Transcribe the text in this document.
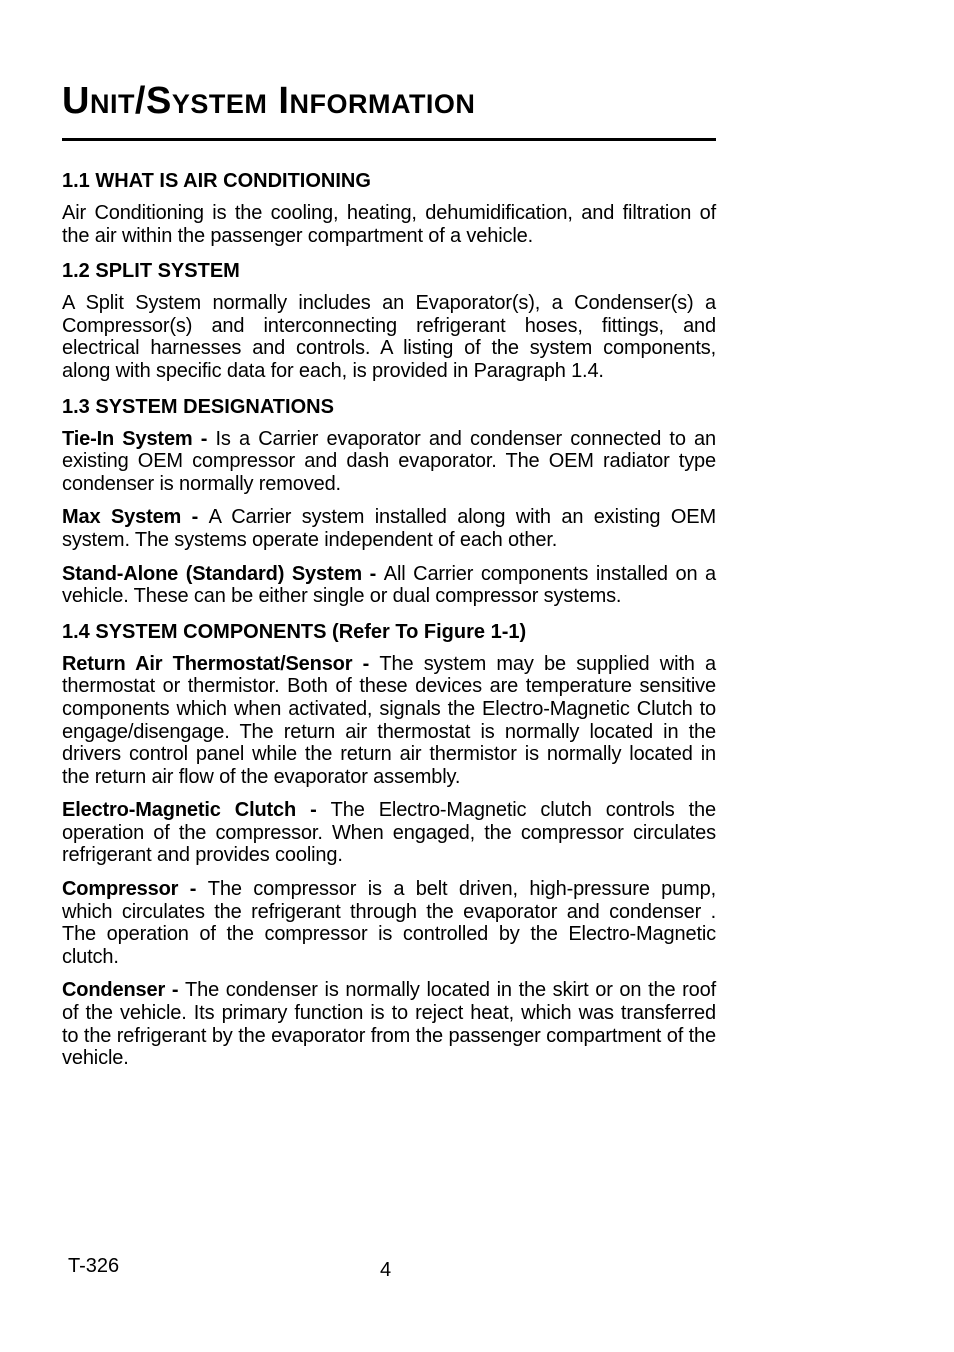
Unit/System Information
1.1 WHAT IS AIR CONDITIONING

Air Conditioning is the cooling, heating, dehumidification, and filtration of the air within the passenger compartment of a vehicle.

1.2 SPLIT SYSTEM

A Split System normally includes an Evaporator(s), a Condenser(s) a Compressor(s) and interconnecting refrigerant hoses, fittings, and electrical harnesses and controls. A listing of the system components, along with specific data for each, is provided in Paragraph 1.4.

1.3 SYSTEM DESIGNATIONS

Tie-In System - Is a Carrier evaporator and condenser connected to an existing OEM compressor and dash evaporator. The OEM radiator type condenser is normally removed.

Max System - A Carrier system installed along with an existing OEM system. The systems operate independent of each other.

Stand-Alone (Standard) System - All Carrier components installed on a vehicle. These can be either single or dual compressor systems.

1.4 SYSTEM COMPONENTS (Refer To Figure 1-1)

Return Air Thermostat/Sensor - The system may be supplied with a thermostat or thermistor. Both of these devices are temperature sensitive components which when activated, signals the Electro-Magnetic Clutch to engage/disengage. The return air thermostat is normally located in the drivers control panel while the return air thermistor is normally located in the return air flow of the evaporator assembly.

Electro-Magnetic Clutch - The Electro-Magnetic clutch controls the operation of the compressor. When engaged, the compressor circulates refrigerant and provides cooling.

Compressor - The compressor is a belt driven, high-pressure pump, which circulates the refrigerant through the evaporator and condenser . The operation of the compressor is controlled by the Electro-Magnetic clutch.

Condenser - The condenser is normally located in the skirt or on the roof of the vehicle. Its primary function is to reject heat, which was transferred to the refrigerant by the evaporator from the passenger compartment of the vehicle.

T-326	4
